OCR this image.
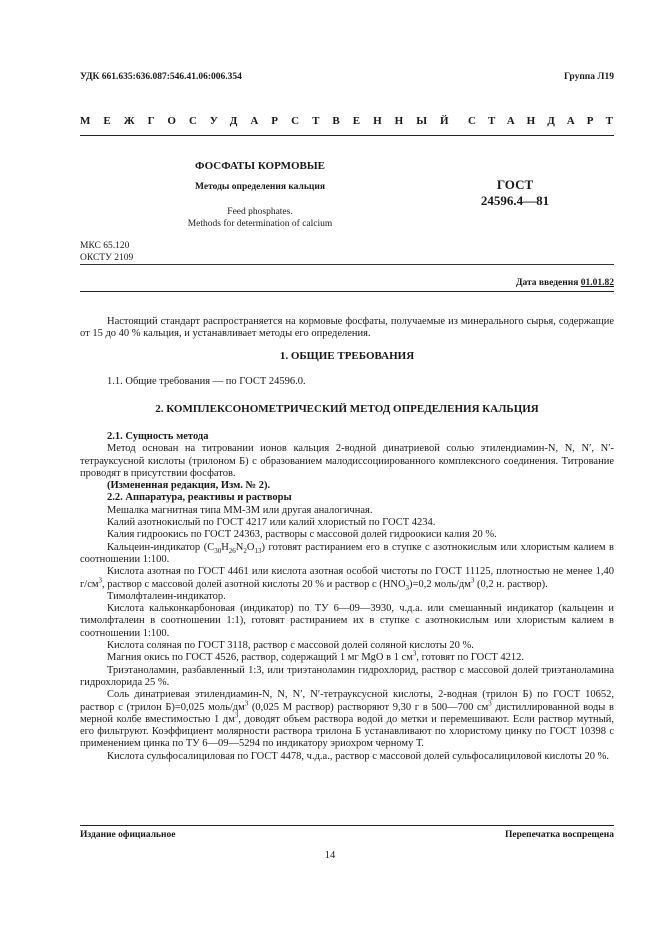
УДК 661.635:636.087:546.41.06:006.354	Группа Л19
МЕЖГОСУДАРСТВЕННЫЙ СТАНДАРТ
ФОСФАТЫ КОРМОВЫЕ
Методы определения кальция
Feed phosphates.
Methods for determination of calcium
ГОСТ
24596.4—81
МКС 65.120
ОКСТУ 2109
Дата введения 01.01.82
Настоящий стандарт распространяется на кормовые фосфаты, получаемые из минерального сырья, содержащие от 15 до 40 % кальция, и устанавливает методы его определения.
1. ОБЩИЕ ТРЕБОВАНИЯ
1.1. Общие требования — по ГОСТ 24596.0.
2. КОМПЛЕКСОНОМЕТРИЧЕСКИЙ МЕТОД ОПРЕДЕЛЕНИЯ КАЛЬЦИЯ
2.1. Сущность метода
Метод основан на титровании ионов кальция 2-водной динатриевой солью этилендиамин-N, N, N′, N′-тетрауксусной кислоты (трилоном Б) с образованием малодиссоциированного комплексного соединения. Титрование проводят в присутствии фосфатов.
(Измененная редакция, Изм. № 2).
2.2. Аппаратура, реактивы и растворы
Мешалка магнитная типа ММ-3М или другая аналогичная.
Калий азотнокислый по ГОСТ 4217 или калий хлористый по ГОСТ 4234.
Калия гидроокись по ГОСТ 24363, растворы с массовой долей гидроокиси калия 20 %.
Кальцеин-индикатор $(C_{30}H_{26}N_2O_{13})$ готовят растиранием его в ступке с азотнокислым или хлористым калием в соотношении 1:100.
Кислота азотная по ГОСТ 4461 или кислота азотная особой чистоты по ГОСТ 11125, плотностью не менее 1,40 $г/см^3$, раствор с массовой долей азотной кислоты 20 % и раствор c $(HNO_3)=0,2$ моль/$дм^3$ (0,2 н. раствор).
Тимолфталеин-индикатор.
Кислота кальконкарбоновая (индикатор) по ТУ 6—09—3930, ч.д.а. или смешанный индикатор (кальцеин и тимолфталеин в соотношении 1:1), готовят растиранием их в ступке с азотнокислым или хлористым калием в соотношении 1:100.
Кислота соляная по ГОСТ 3118, раствор с массовой долей соляной кислоты 20 %.
Магния окись по ГОСТ 4526, раствор, содержащий 1 мг MgO в 1 $см^3$, готовят по ГОСТ 4212.
Триэтаноламин, разбавленный 1:3, или триэтаноламин гидрохлорид, раствор с массовой долей триэтаноламина гидрохлорида 25 %.
Соль динатриевая этилендиамин-N, N, N′, N′-тетрауксусной кислоты, 2-водная (трилон Б) по ГОСТ 10652, раствор c (трилон Б)=0,025 моль/$дм^3$ (0,025 М раствор) растворяют 9,30 г в 500—700 $см^3$ дистиллированной воды в мерной колбе вместимостью 1 $дм^3$, доводят объем раствора водой до метки и перемешивают. Если раствор мутный, его фильтруют. Коэффициент молярности раствора трилона Б устанавливают по хлористому цинку по ГОСТ 10398 с применением цинка по ТУ 6—09—5294 по индикатору эриохром черному Т.
Кислота сульфосалициловая по ГОСТ 4478, ч.д.а., раствор с массовой долей сульфосалициловой кислоты 20 %.
Издание официальное	Перепечатка воспрещена
14
